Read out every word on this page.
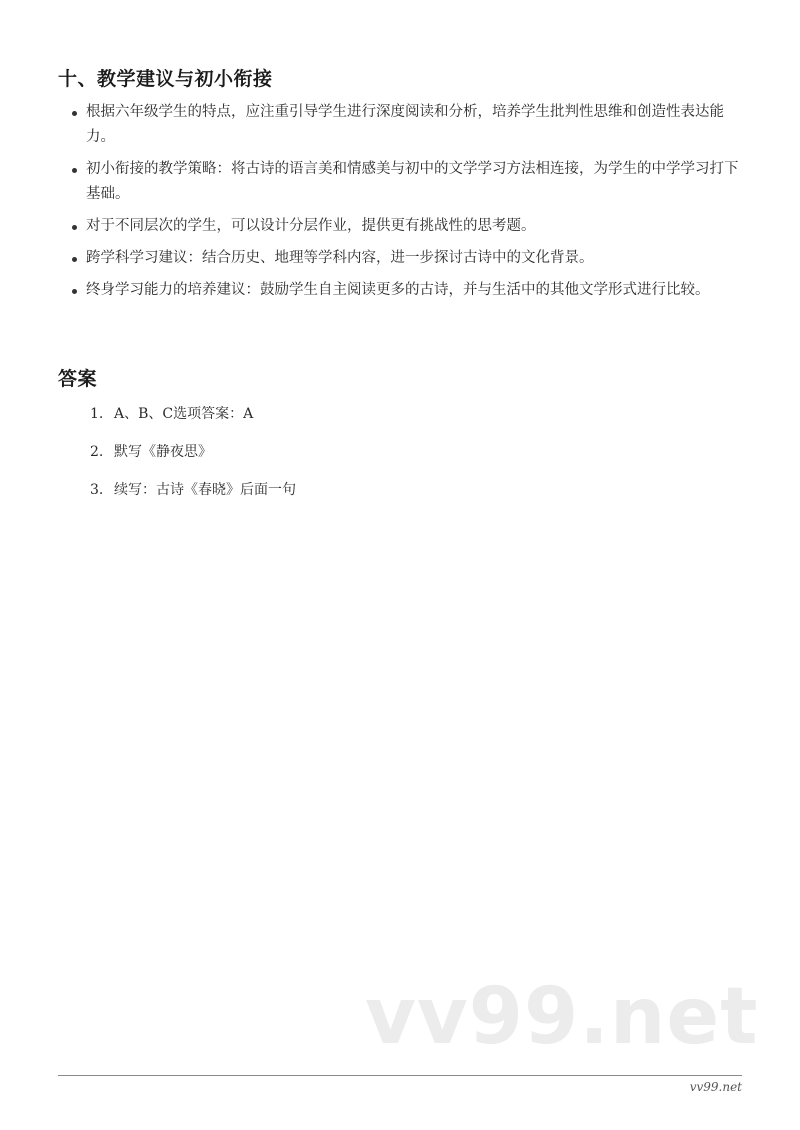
十、教学建议与初小衔接
根据六年级学生的特点，应注重引导学生进行深度阅读和分析，培养学生批判性思维和创造性表达能力。
初小衔接的教学策略：将古诗的语言美和情感美与初中的文学学习方法相连接，为学生的中学学习打下基础。
对于不同层次的学生，可以设计分层作业，提供更有挑战性的思考题。
跨学科学习建议：结合历史、地理等学科内容，进一步探讨古诗中的文化背景。
终身学习能力的培养建议：鼓励学生自主阅读更多的古诗，并与生活中的其他文学形式进行比较。
答案
1. A、B、C选项答案：A
2. 默写《静夜思》
3. 续写：古诗《春晓》后面一句
vv99.net
vv99.net
